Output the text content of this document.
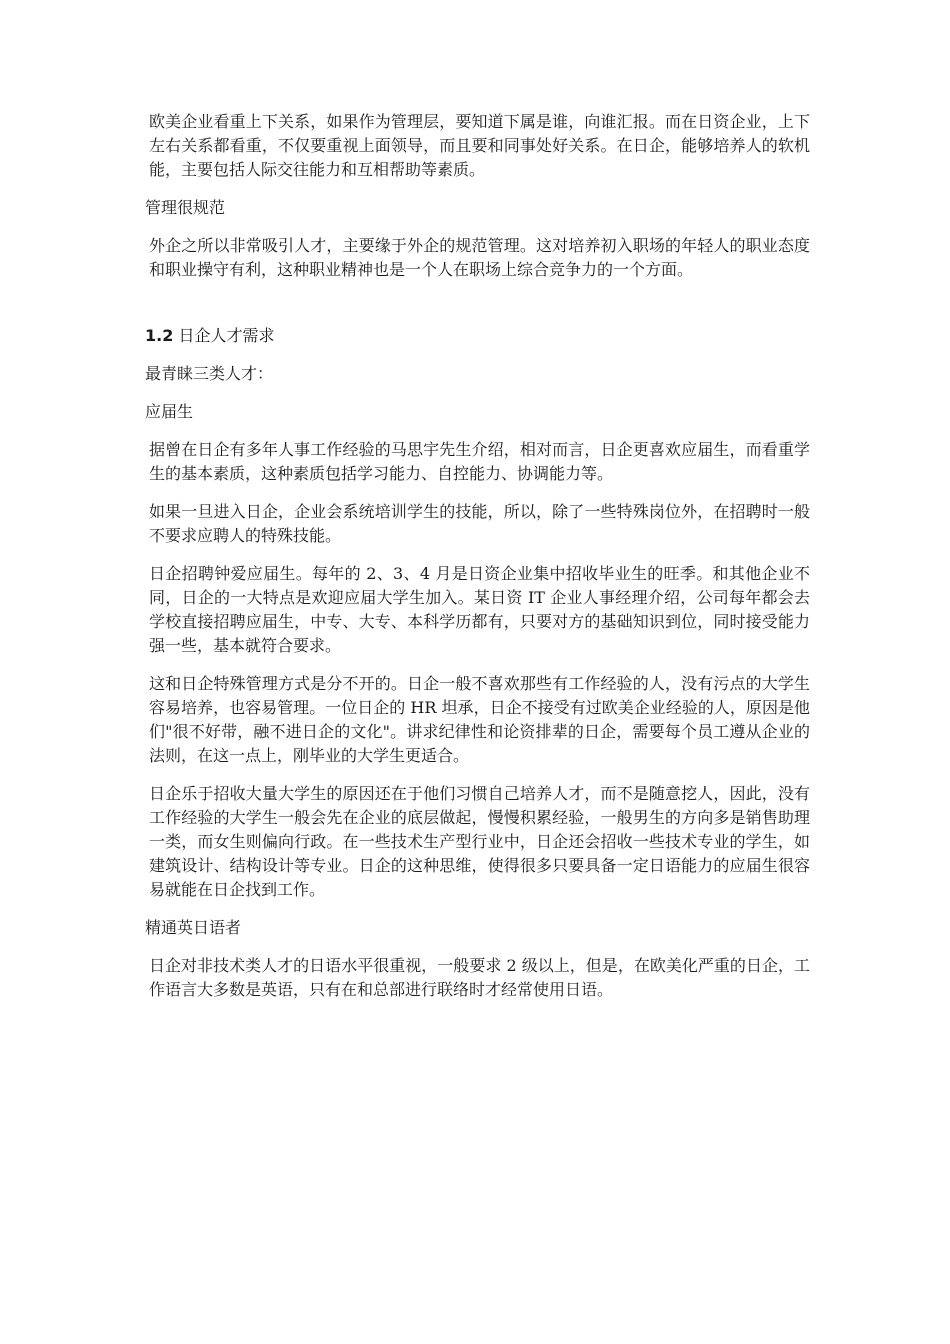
欧美企业看重上下关系，如果作为管理层，要知道下属是谁，向谁汇报。而在日资企业，上下左右关系都看重，不仅要重视上面领导，而且要和同事处好关系。在日企，能够培养人的软机能，主要包括人际交往能力和互相帮助等素质。

管理很规范

外企之所以非常吸引人才，主要缘于外企的规范管理。这对培养初入职场的年轻人的职业态度和职业操守有利，这种职业精神也是一个人在职场上综合竞争力的一个方面。

1.2 日企人才需求

最青睐三类人才：

应届生

据曾在日企有多年人事工作经验的马思宇先生介绍，相对而言，日企更喜欢应届生，而看重学生的基本素质，这种素质包括学习能力、自控能力、协调能力等。

如果一旦进入日企，企业会系统培训学生的技能，所以，除了一些特殊岗位外，在招聘时一般不要求应聘人的特殊技能。

日企招聘钟爱应届生。每年的 2、3、4 月是日资企业集中招收毕业生的旺季。和其他企业不同，日企的一大特点是欢迎应届大学生加入。某日资 IT 企业人事经理介绍，公司每年都会去学校直接招聘应届生，中专、大专、本科学历都有，只要对方的基础知识到位，同时接受能力强一些，基本就符合要求。

这和日企特殊管理方式是分不开的。日企一般不喜欢那些有工作经验的人，没有污点的大学生容易培养，也容易管理。一位日企的 HR 坦承，日企不接受有过欧美企业经验的人，原因是他们"很不好带，融不进日企的文化"。讲求纪律性和论资排辈的日企，需要每个员工遵从企业的法则，在这一点上，刚毕业的大学生更适合。

日企乐于招收大量大学生的原因还在于他们习惯自己培养人才，而不是随意挖人，因此，没有工作经验的大学生一般会先在企业的底层做起，慢慢积累经验，一般男生的方向多是销售助理一类，而女生则偏向行政。在一些技术生产型行业中，日企还会招收一些技术专业的学生，如建筑设计、结构设计等专业。日企的这种思维，使得很多只要具备一定日语能力的应届生很容易就能在日企找到工作。

精通英日语者

日企对非技术类人才的日语水平很重视，一般要求 2 级以上，但是，在欧美化严重的日企，工作语言大多数是英语，只有在和总部进行联络时才经常使用日语。
